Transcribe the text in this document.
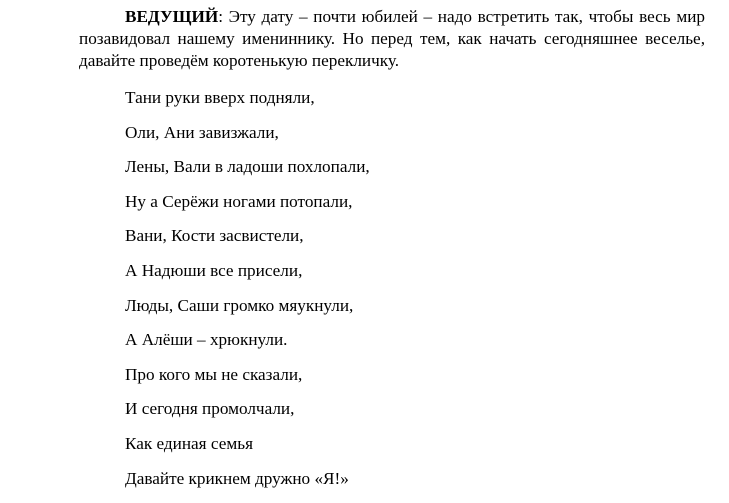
ВЕДУЩИЙ: Эту дату – почти юбилей – надо встретить так, чтобы весь мир позавидовал нашему имениннику. Но перед тем, как начать сегодняшнее веселье, давайте проведём коротенькую перекличку.

Тани руки вверх подняли,
Оли, Ани завизжали,
Лены, Вали в ладоши похлопали,
Ну а Серёжи ногами потопали,
Вани, Кости засвистели,
А Надюши все присели,
Люды, Саши громко мяукнули,
А Алёши – хрюкнули.
Про кого мы не сказали,
И сегодня промолчали,
Как единая семья
Давайте крикнем дружно «Я!»
